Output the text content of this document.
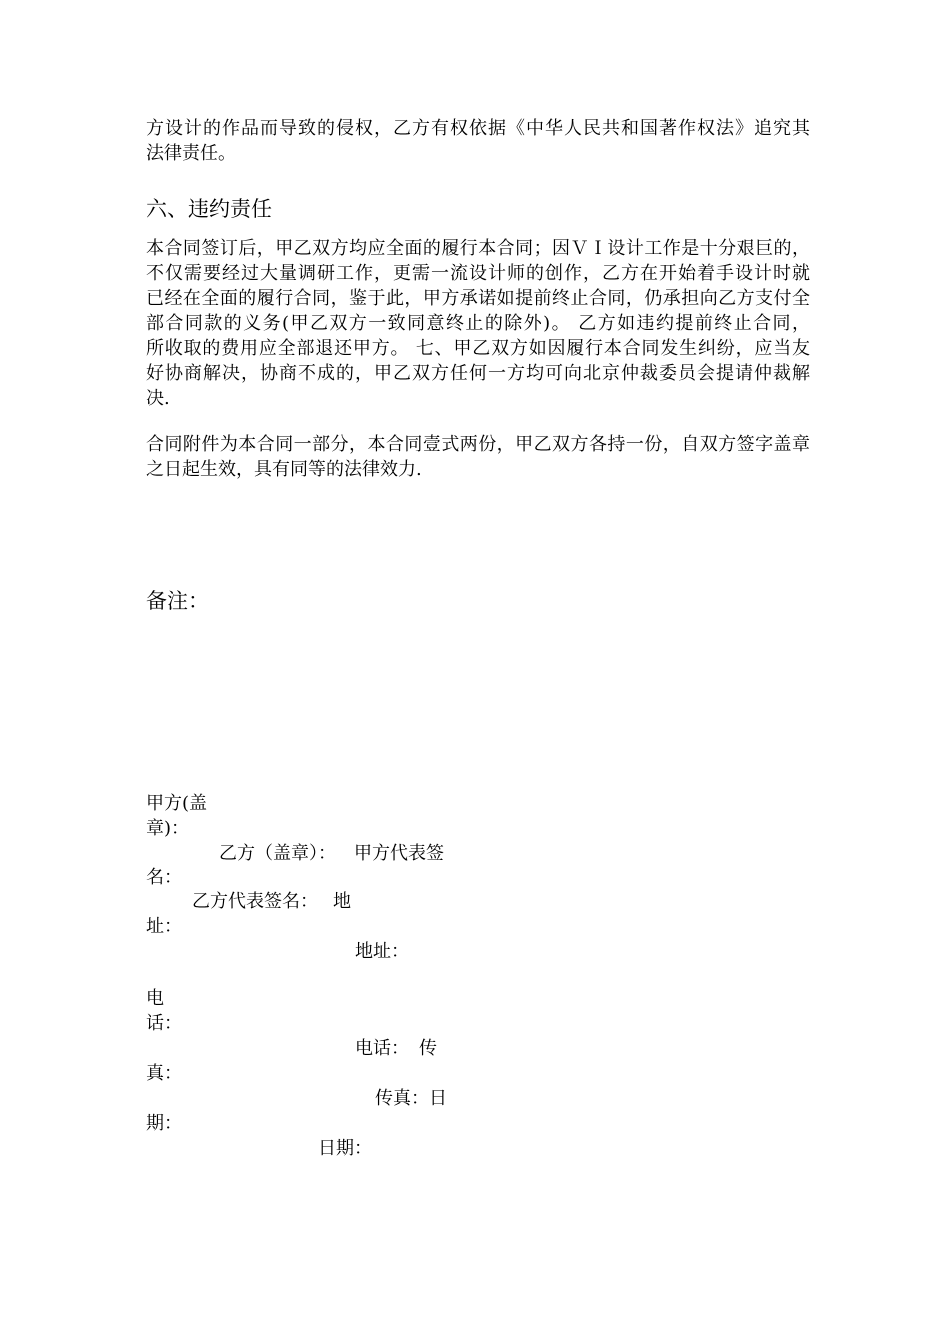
方设计的作品而导致的侵权，乙方有权依据《中华人民共和国著作权法》追究其
法律责任。
六、违约责任
本合同签订后，甲乙双方均应全面的履行本合同；因ＶＩ设计工作是十分艰巨的，
不仅需要经过大量调研工作，更需一流设计师的创作，乙方在开始着手设计时就
已经在全面的履行合同，鉴于此，甲方承诺如提前终止合同，仍承担向乙方支付全
部合同款的义务(甲乙双方一致同意终止的除外)。 乙方如违约提前终止合同，
所收取的费用应全部退还甲方。 七、甲乙双方如因履行本合同发生纠纷，应当友
好协商解决，协商不成的，甲乙双方任何一方均可向北京仲裁委员会提请仲裁解
决.
合同附件为本合同一部分，本合同壹式两份，甲乙双方各持一份，自双方签字盖章
之日起生效，具有同等的法律效力.
备注：
甲方(盖
章)：
乙方（盖章）： 甲方代表签
名：
乙方代表签名： 地
址：
地址：
电
话：
电话： 传
真：
传真： 日
期：
日期：
